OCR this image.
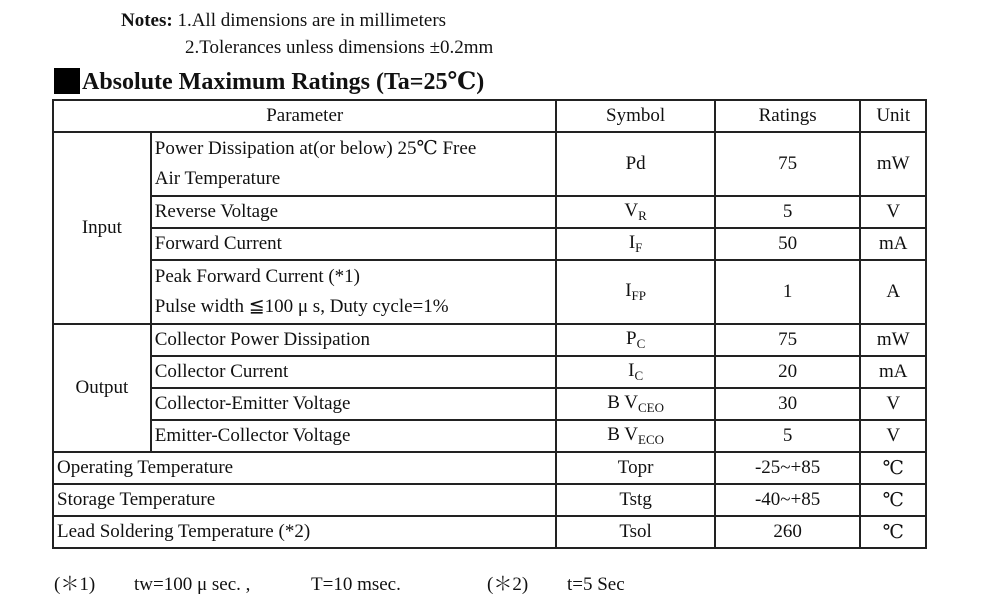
Notes: 1.All dimensions are in millimeters
2.Tolerances unless dimensions ±0.2mm
Absolute Maximum Ratings (Ta=25℃)
Parameter		Symbol	Ratings	Unit
Input	Power Dissipation at(or below) 25℃ Free
Air Temperature	Pd	75	mW
	Reverse Voltage	$V_R$	5	V
	Forward Current	$I_F$	50	mA

	Peak Forward Current (*1)
Pulse width ≦100 μ s, Duty cycle=1%	$I_{FP}$	1	A
Output	Collector Power Dissipation	$P_C$	75	mW
	Collector Current	$I_C$	20	mA
	Collector-Emitter Voltage	B $V_{CEO}$	30	V
	Emitter-Collector Voltage	B $V_{ECO}$	5	V
Operating Temperature		Topr	-25~+85	℃
Storage Temperature		Tstg	-40~+85	℃
Lead Soldering Temperature (*2)		Tsol	260	℃
(＊1) tw=100 μ sec. ,	T=10 msec.	(＊2) t=5 Sec
